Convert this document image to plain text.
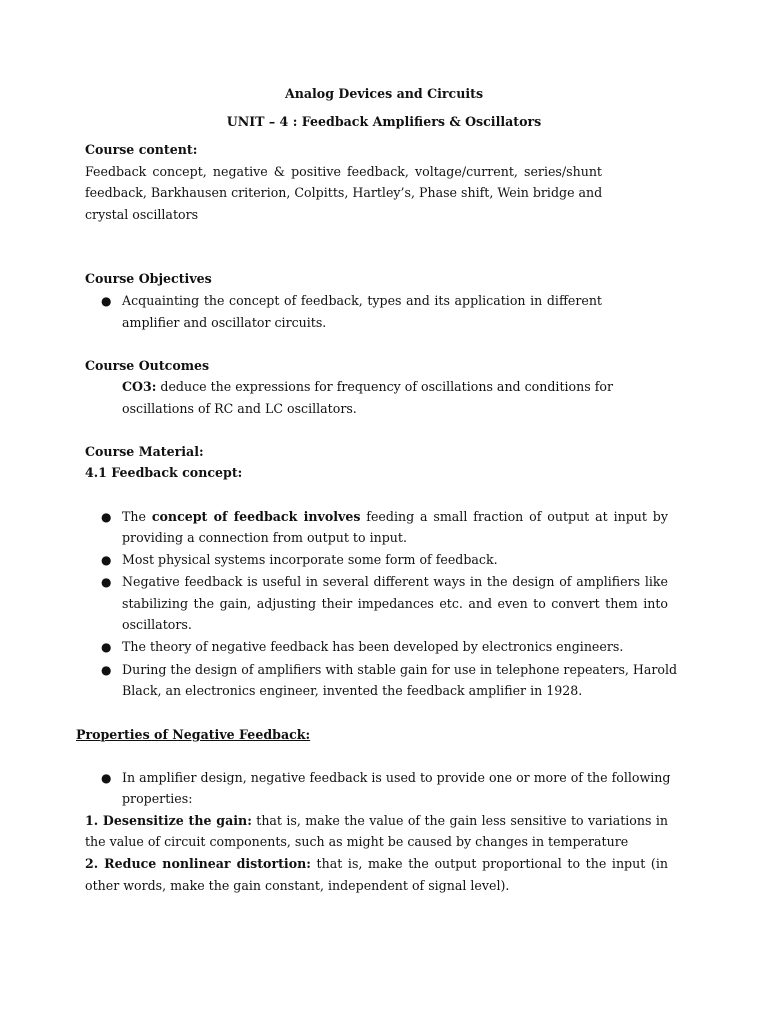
Analog Devices and Circuits
UNIT – 4 : Feedback Amplifiers & Oscillators
Course content:
Feedback concept, negative & positive feedback, voltage/current, series/shunt
feedback, Barkhausen criterion, Colpitts, Hartley’s, Phase shift, Wein bridge and
crystal oscillators
Course Objectives
● Acquainting the concept of feedback, types and its application in different
amplifier and oscillator circuits.
Course Outcomes
CO3: deduce the expressions for frequency of oscillations and conditions for
oscillations of RC and LC oscillators.
Course Material:
4.1 Feedback concept:
● The concept of feedback involves feeding a small fraction of output at input by
providing a connection from output to input.
● Most physical systems incorporate some form of feedback.
● Negative feedback is useful in several different ways in the design of amplifiers like
stabilizing the gain, adjusting their impedances etc. and even to convert them into
oscillators.
● The theory of negative feedback has been developed by electronics engineers.
● During the design of amplifiers with stable gain for use in telephone repeaters, Harold
Black, an electronics engineer, invented the feedback amplifier in 1928.
Properties of Negative Feedback:
● In amplifier design, negative feedback is used to provide one or more of the following
properties:
1. Desensitize the gain: that is, make the value of the gain less sensitive to variations in
the value of circuit components, such as might be caused by changes in temperature
2. Reduce nonlinear distortion: that is, make the output proportional to the input (in
other words, make the gain constant, independent of signal level).
